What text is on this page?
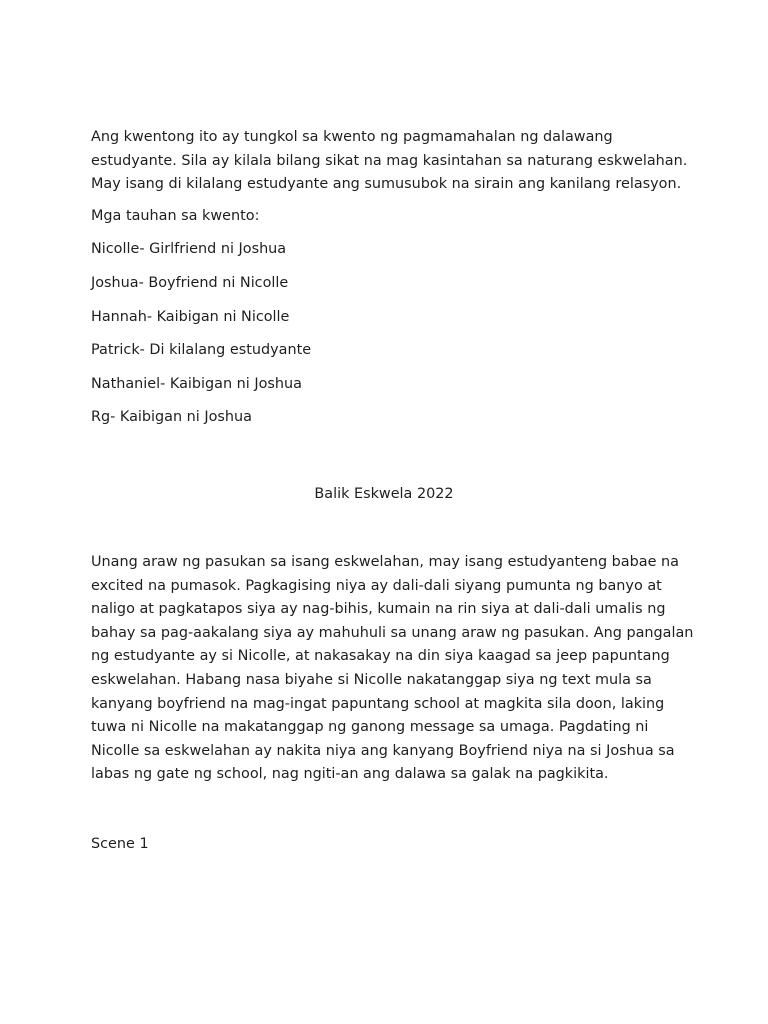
Ang kwentong ito ay tungkol sa kwento ng pagmamahalan ng dalawang
estudyante. Sila ay kilala bilang sikat na mag kasintahan sa naturang eskwelahan.
May isang di kilalang estudyante ang sumusubok na sirain ang kanilang relasyon.

Mga tauhan sa kwento:

Nicolle- Girlfriend ni Joshua

Joshua- Boyfriend ni Nicolle

Hannah- Kaibigan ni Nicolle

Patrick- Di kilalang estudyante

Nathaniel- Kaibigan ni Joshua

Rg- Kaibigan ni Joshua

Balik Eskwela 2022

Unang araw ng pasukan sa isang eskwelahan, may isang estudyanteng babae na
excited na pumasok. Pagkagising niya ay dali-dali siyang pumunta ng banyo at
naligo at pagkatapos siya ay nag-bihis, kumain na rin siya at dali-dali umalis ng
bahay sa pag-aakalang siya ay mahuhuli sa unang araw ng pasukan. Ang pangalan
ng estudyante ay si Nicolle, at nakasakay na din siya kaagad sa jeep papuntang
eskwelahan. Habang nasa biyahe si Nicolle nakatanggap siya ng text mula sa
kanyang boyfriend na mag-ingat papuntang school at magkita sila doon, laking
tuwa ni Nicolle na makatanggap ng ganong message sa umaga. Pagdating ni
Nicolle sa eskwelahan ay nakita niya ang kanyang Boyfriend niya na si Joshua sa
labas ng gate ng school, nag ngiti-an ang dalawa sa galak na pagkikita.

Scene 1
